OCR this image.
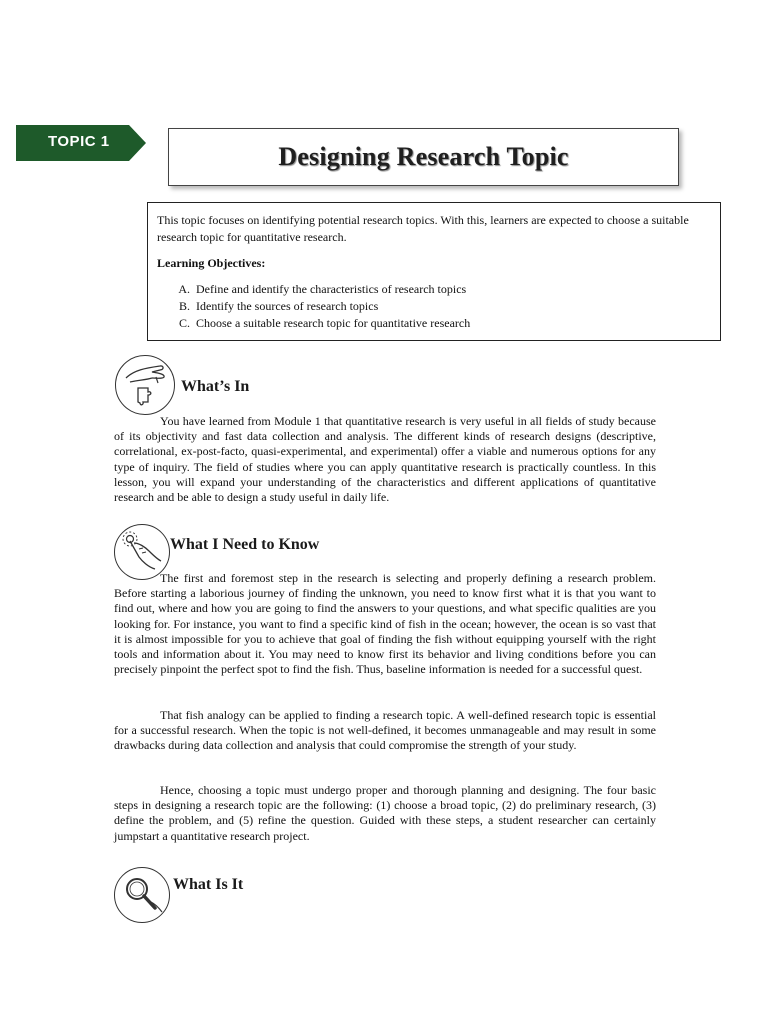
TOPIC 1
Designing Research Topic

This topic focuses on identifying potential research topics. With this, learners are expected to choose a suitable research topic for quantitative research.

Learning Objectives:

A. Define and identify the characteristics of research topics
B. Identify the sources of research topics
C. Choose a suitable research topic for quantitative research
What’s In

You have learned from Module 1 that quantitative research is very useful in all fields of study because of its objectivity and fast data collection and analysis. The different kinds of research designs (descriptive, correlational, ex-post-facto, quasi-experimental, and experimental) offer a viable and numerous options for any type of inquiry. The field of studies where you can apply quantitative research is practically countless. In this lesson, you will expand your understanding of the characteristics and different applications of quantitative research and be able to design a study useful in daily life.

What I Need to Know

The first and foremost step in the research is selecting and properly defining a research problem. Before starting a laborious journey of finding the unknown, you need to know first what it is that you want to find out, where and how you are going to find the answers to your questions, and what specific qualities are you looking for. For instance, you want to find a specific kind of fish in the ocean; however, the ocean is so vast that it is almost impossible for you to achieve that goal of finding the fish without equipping yourself with the right tools and information about it. You may need to know first its behavior and living conditions before you can precisely pinpoint the perfect spot to find the fish. Thus, baseline information is needed for a successful quest.

That fish analogy can be applied to finding a research topic. A well-defined research topic is essential for a successful research. When the topic is not well-defined, it becomes unmanageable and may result in some drawbacks during data collection and analysis that could compromise the strength of your study.

Hence, choosing a topic must undergo proper and thorough planning and designing. The four basic steps in designing a research topic are the following: (1) choose a broad topic, (2) do preliminary research, (3) define the problem, and (5) refine the question. Guided with these steps, a student researcher can certainly jumpstart a quantitative research project.

What Is It
